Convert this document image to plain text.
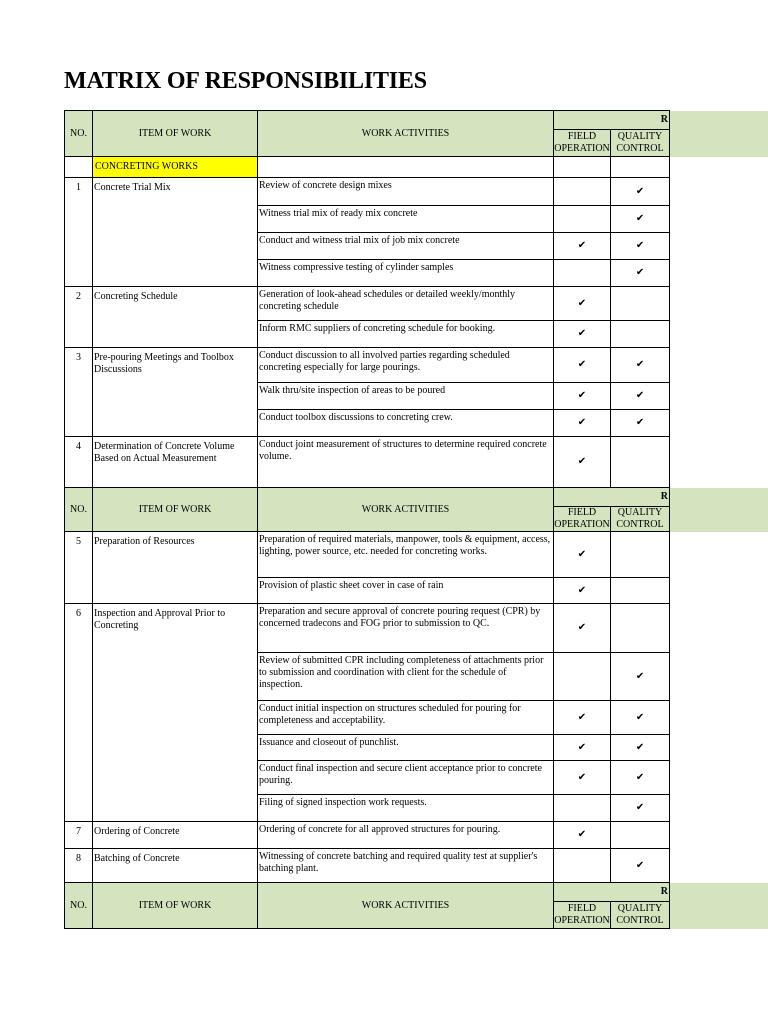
MATRIX OF RESPONSIBILITIES
NO.	ITEM OF WORK	WORK ACTIVITIES	R		
			FIELD OPERATION	QUALITY CONTROL	
	CONCRETING WORKS				
1	Concrete Trial Mix	Review of concrete design mixes		✔	
		Witness trial mix of ready mix concrete		✔	
		Conduct and witness trial mix of job mix concrete	✔	✔	
		Witness compressive testing of cylinder samples		✔	
2	Concreting Schedule	Generation of look-ahead schedules or detailed weekly/monthly concreting schedule	✔		
		Inform RMC suppliers of concreting schedule for booking.	✔		
3	Pre-pouring Meetings and Toolbox Discussions	Conduct discussion to all involved parties regarding scheduled concreting especially for large pourings.	✔	✔	
		Walk thru/site inspection of areas to be poured	✔	✔	
		Conduct toolbox discussions to concreting crew.	✔	✔	
4	Determination of Concrete Volume Based on Actual Measurement	Conduct joint measurement of structures to determine required concrete volume.	✔		
NO.	ITEM OF WORK	WORK ACTIVITIES	R		
			FIELD OPERATION	QUALITY CONTROL	
5	Preparation of Resources	Preparation of required materials, manpower, tools & equipment, access, lighting, power source, etc. needed for concreting works.	✔		
		Provision of plastic sheet cover in case of rain	✔		
6	Inspection and Approval Prior to Concreting	Preparation and secure approval of concrete pouring request (CPR) by concerned tradecons and FOG prior to submission to QC.	✔		
		Review of submitted CPR including completeness of attachments prior to submission and coordination with client for the schedule of inspection.		✔	
		Conduct initial inspection on structures scheduled for pouring for completeness and acceptability.	✔	✔	
		Issuance and closeout of punchlist.	✔	✔	
		Conduct final inspection and secure client acceptance prior to concrete pouring.	✔	✔	
		Filing of signed inspection work requests.		✔	
7	Ordering of Concrete	Ordering of concrete for all approved structures for pouring.	✔		
8	Batching of Concrete	Witnessing of concrete batching and required quality test at supplier's batching plant.		✔	
NO.	ITEM OF WORK	WORK ACTIVITIES	R		
			FIELD OPERATION	QUALITY CONTROL	
